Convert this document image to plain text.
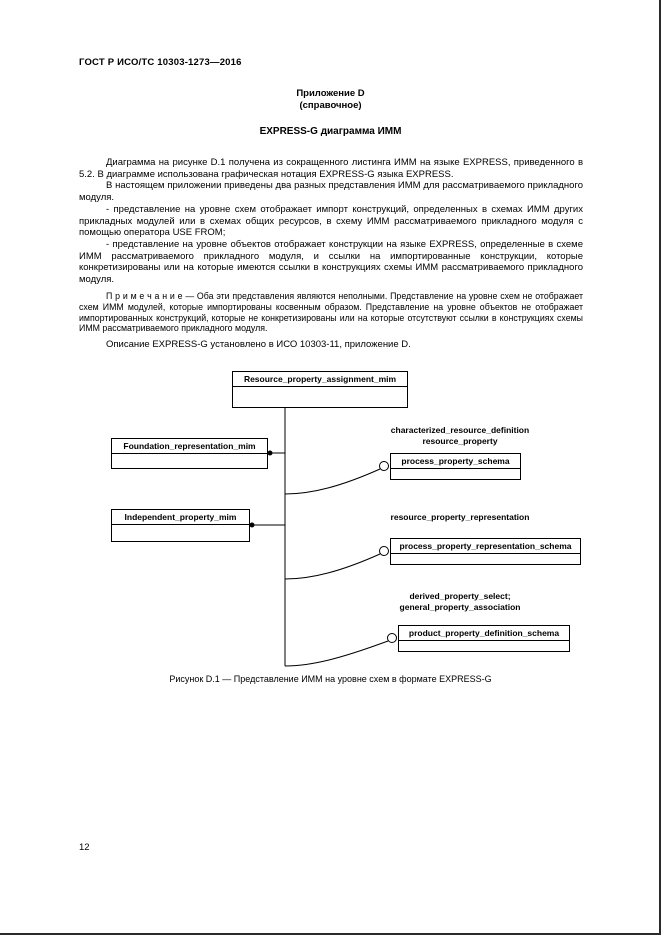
ГОСТ Р ИСО/ТС 10303-1273—2016
Приложение D
(справочное)
EXPRESS-G диаграмма ИММ

Диаграмма на рисунке D.1 получена из сокращенного листинга ИММ на языке EXPRESS, приведенного в 5.2. В диаграмме использована графическая нотация EXPRESS-G языка EXPRESS.

В настоящем приложении приведены два разных представления ИММ для рассматриваемого прикладного модуля.

- представление на уровне схем отображает импорт конструкций, определенных в схемах ИММ других прикладных модулей или в схемах общих ресурсов, в схему ИММ рассматриваемого прикладного модуля с помощью оператора USE FROM;

- представление на уровне объектов отображает конструкции на языке EXPRESS, определенные в схеме ИММ рассматриваемого прикладного модуля, и ссылки на импортированные конструкции, которые конкретизированы или на которые имеются ссылки в конструкциях схемы ИММ рассматриваемого прикладного модуля.

П р и м е ч а н и е — Оба эти представления являются неполными. Представление на уровне схем не отображает схем ИММ модулей, которые импортированы косвенным образом. Представление на уровне объектов не отображает импортированных конструкций, которые не конкретизированы или на которые отсутствуют ссылки в конструкциях схемы ИММ рассматриваемого прикладного модуля.

Описание EXPRESS-G установлено в ИСО 10303-11, приложение D.

Resource_property_assignment_mim
Foundation_representation_mim
Independent_property_mim
process_property_schema
process_property_representation_schema
product_property_definition_schema
characterized_resource_definition
resource_property
resource_property_representation
derived_property_select;
general_property_association
Рисунок D.1 — Представление ИММ на уровне схем в формате EXPRESS-G
12
